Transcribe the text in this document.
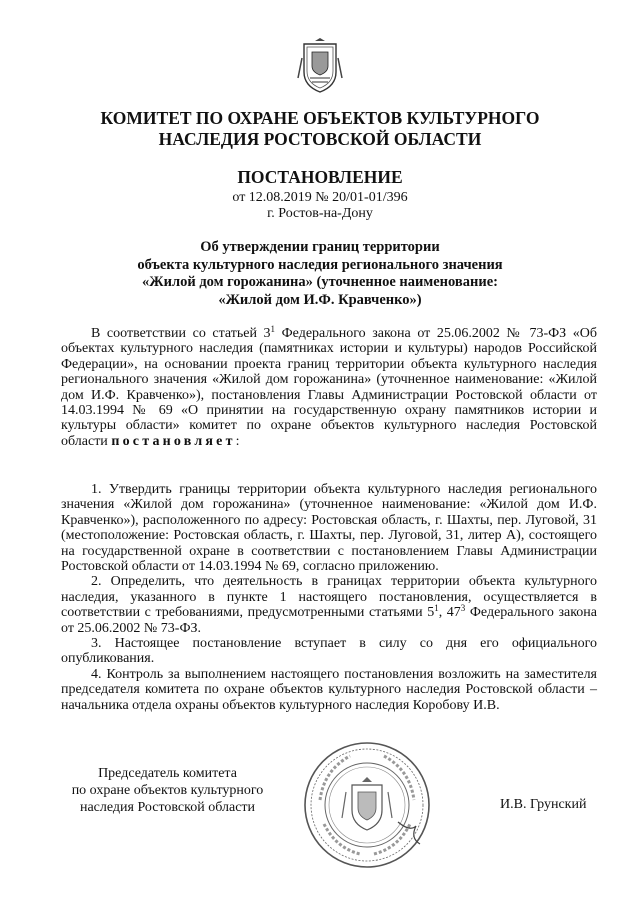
КОМИТЕТ ПО ОХРАНЕ ОБЪЕКТОВ КУЛЬТУРНОГО
НАСЛЕДИЯ РОСТОВСКОЙ ОБЛАСТИ
ПОСТАНОВЛЕНИЕ
от 12.08.2019 № 20/01-01/396
г. Ростов-на-Дону
Об утверждении границ территории
объекта культурного наследия регионального значения
«Жилой дом горожанина» (уточненное наименование:
«Жилой дом И.Ф. Кравченко»)

В соответствии со статьей $3^1$ Федерального закона от 25.06.2002 № 73-ФЗ «Об объектах культурного наследия (памятниках истории и культуры) народов Российской Федерации», на основании проекта границ территории объекта культурного наследия регионального значения «Жилой дом горожанина» (уточненное наименование: «Жилой дом И.Ф. Кравченко»), постановления Главы Администрации Ростовской области от 14.03.1994 № 69 «О принятии на государственную охрану памятников истории и культуры области» комитет по охране объектов культурного наследия Ростовской области постановляет:

1. Утвердить границы территории объекта культурного наследия регионального значения «Жилой дом горожанина» (уточненное наименование: «Жилой дом И.Ф. Кравченко»), расположенного по адресу: Ростовская область, г. Шахты, пер. Луговой, 31 (местоположение: Ростовская область, г. Шахты, пер. Луговой, 31, литер А), состоящего на государственной охране в соответствии с постановлением Главы Администрации Ростовской области от 14.03.1994 № 69, согласно приложению.

2. Определить, что деятельность в границах территории объекта культурного наследия, указанного в пункте 1 настоящего постановления, осуществляется в соответствии с требованиями, предусмотренными статьями $5^1$, $47^3$ Федерального закона от 25.06.2002 № 73-ФЗ.

3. Настоящее постановление вступает в силу со дня его официального опубликования.

4. Контроль за выполнением настоящего постановления возложить на заместителя председателя комитета по охране объектов культурного наследия Ростовской области – начальника отдела охраны объектов культурного наследия Коробову И.В.

Председатель комитета
по охране объектов культурного
наследия Ростовской области	И.В. Грунский
